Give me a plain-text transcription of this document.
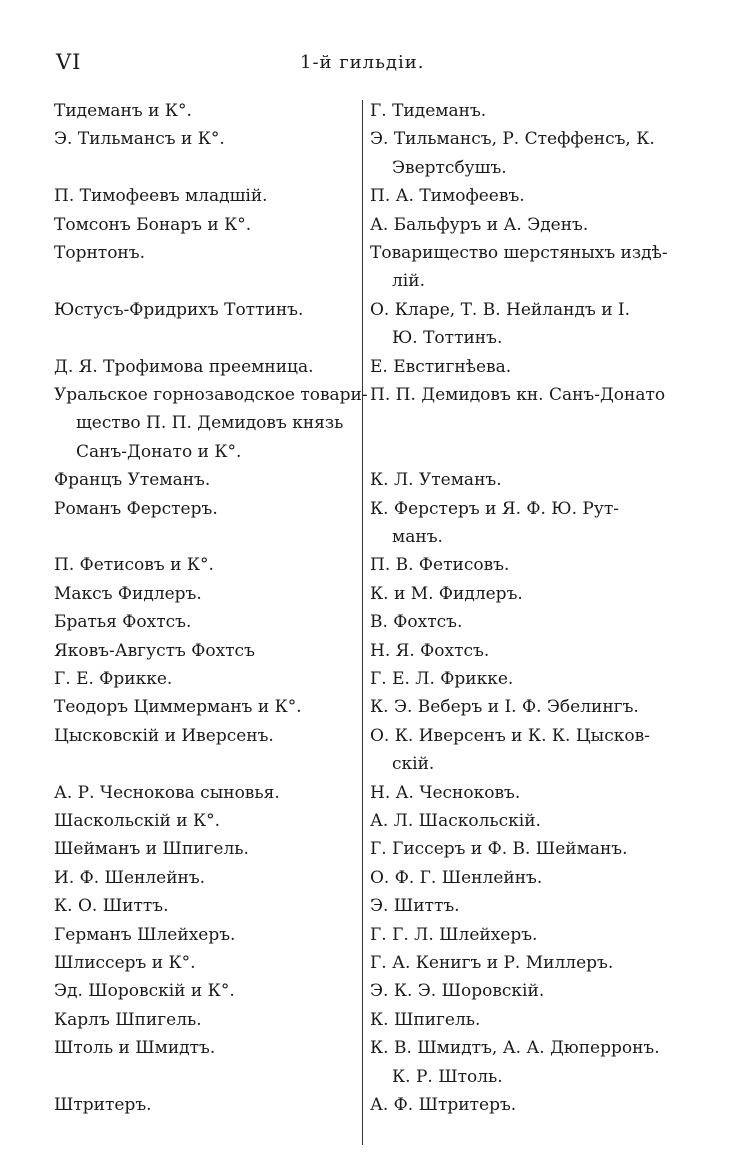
VI	1-й гильдіи.
Тидеманъ и К°.
Э. Тильмансъ и К°.
П. Тимофеевъ младшій.
Томсонъ Бонаръ и К°.
Торнтонъ.
Юстусъ-Фридрихъ Тоттинъ.
Д. Я. Трофимова преемница.
Уральское горнозаводское товари-
щество П. П. Демидовъ князь
Санъ-Донато и К°.
Францъ Утеманъ.
Романъ Ферстеръ.
П. Фетисовъ и К°.
Максъ Фидлеръ.
Братья Фохтсъ.
Яковъ-Августъ Фохтсъ
Г. Е. Фрикке.
Теодоръ Циммерманъ и К°.
Цысковскій и Иверсенъ.
А. Р. Чеснокова сыновья.
Шаскольскій и К°.
Шейманъ и Шпигель.
И. Ф. Шенлейнъ.
К. О. Шиттъ.
Германъ Шлейхеръ.
Шлиссеръ и К°.
Эд. Шоровскій и К°.
Карлъ Шпигель.
Штоль и Шмидтъ.
Штритеръ.
Г. Тидеманъ.
Э. Тильмансъ, Р. Стеффенсъ, К.
Эвертсбушъ.
П. А. Тимофеевъ.
А. Бальфуръ и А. Эденъ.
Товарищество шерстяныхъ издѣ-
лій.
О. Кларе, Т. В. Нейландъ и І.
Ю. Тоттинъ.
Е. Евстигнѣева.
П. П. Демидовъ кн. Санъ-Донато
К. Л. Утеманъ.
К. Ферстеръ и Я. Ф. Ю. Рут-
манъ.
П. В. Фетисовъ.
К. и М. Фидлеръ.
В. Фохтсъ.
Н. Я. Фохтсъ.
Г. Е. Л. Фрикке.
К. Э. Веберъ и І. Ф. Эбелингъ.
О. К. Иверсенъ и К. К. Цысков-
скій.
Н. А. Чесноковъ.
А. Л. Шаскольскій.
Г. Гиссеръ и Ф. В. Шейманъ.
О. Ф. Г. Шенлейнъ.
Э. Шиттъ.
Г. Г. Л. Шлейхеръ.
Г. А. Кенигъ и Р. Миллеръ.
Э. К. Э. Шоровскій.
К. Шпигель.
К. В. Шмидтъ, А. А. Дюперронъ.
К. Р. Штоль.
А. Ф. Штритеръ.
